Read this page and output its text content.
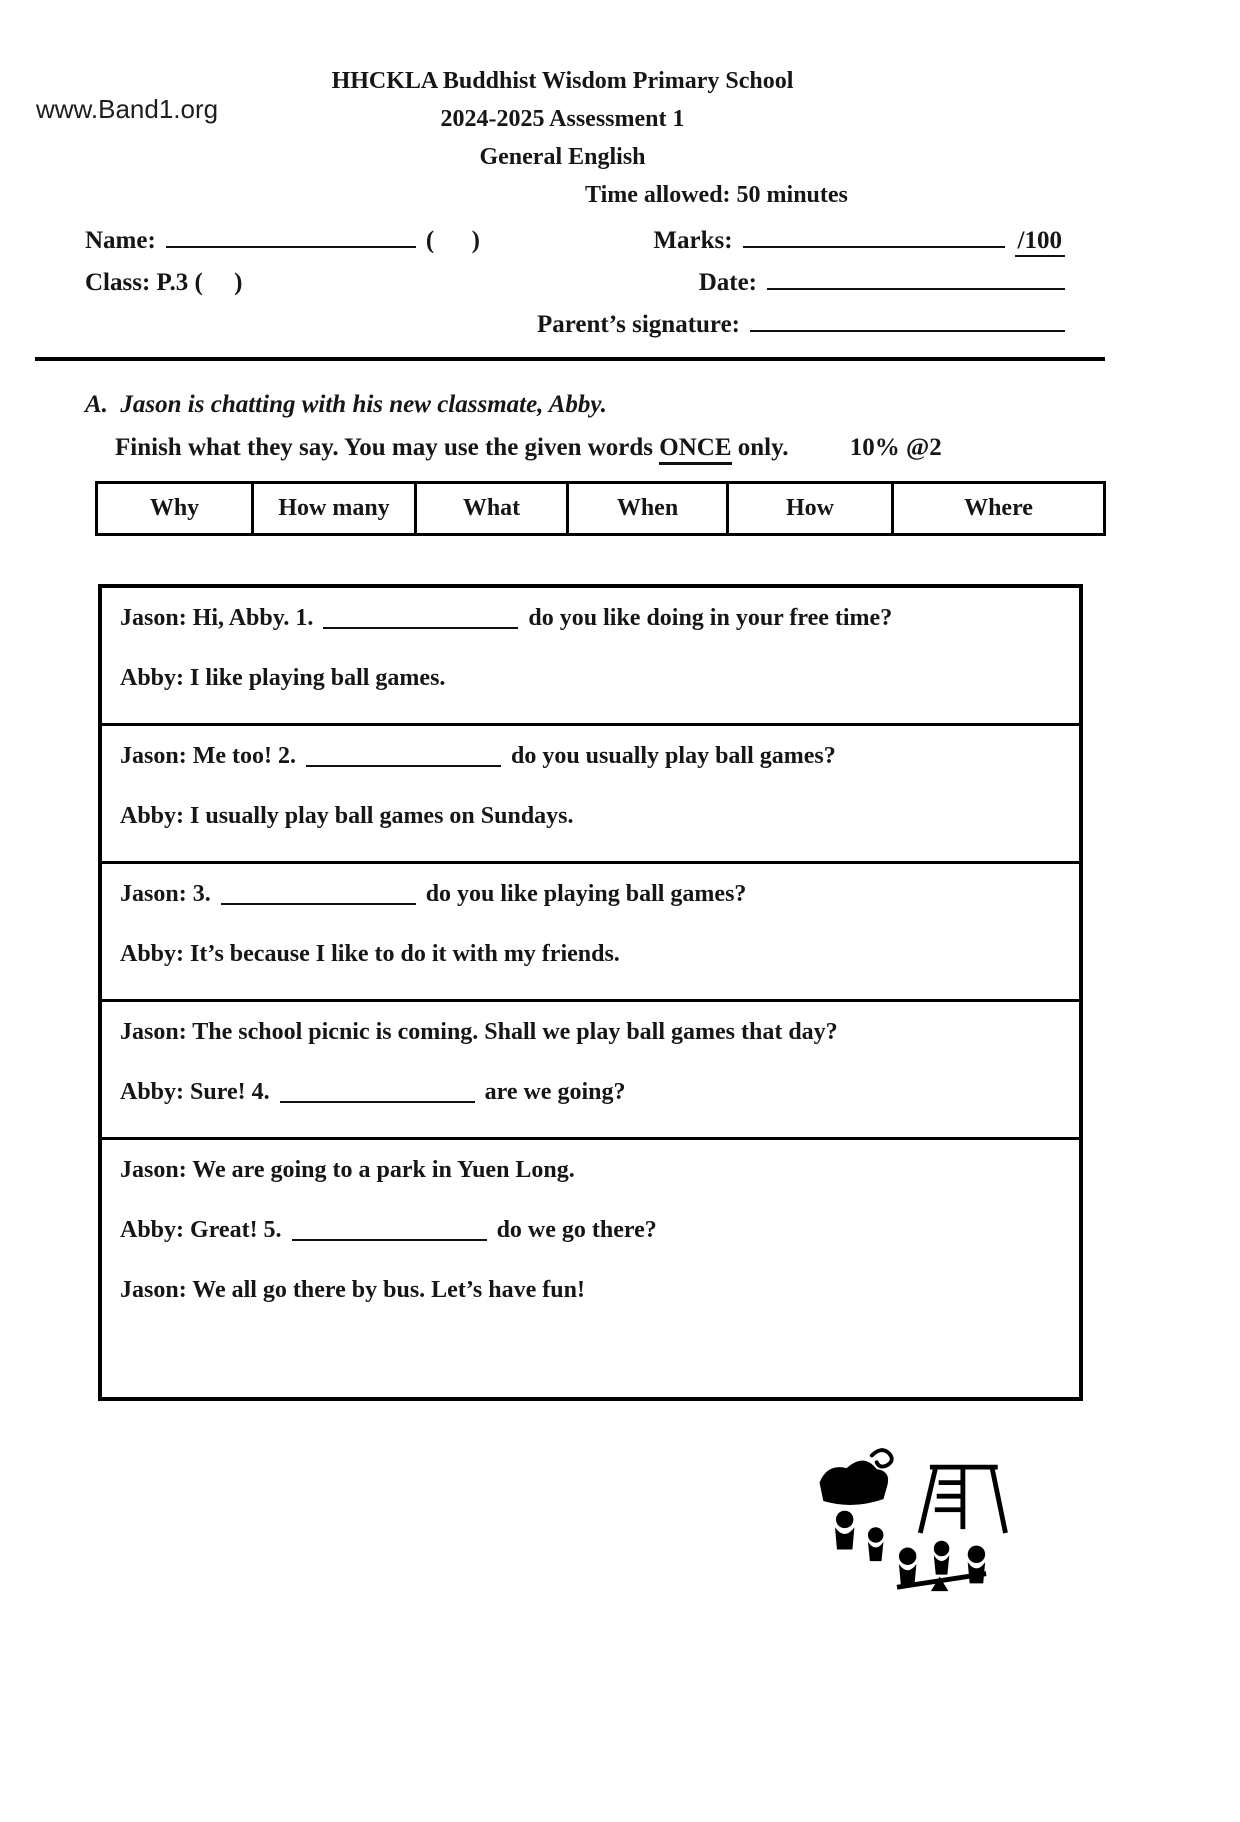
www.Band1.org
HHCKLA Buddhist Wisdom Primary School
2024-2025 Assessment 1
General English
Time allowed: 50 minutes
Name:	(      )	Marks:	/100
Class: P.3 (     )	Date:
Parent’s signature:
A.  Jason is chatting with his new classmate, Abby.
Finish what they say. You may use the given words ONCE only. 10% @2
Why	How many	What	When	How	Where

Jason: Hi, Abby. 1.	do you like doing in your free time?

Abby: I like playing ball games.

Jason: Me too! 2.	do you usually play ball games?

Abby: I usually play ball games on Sundays.

Jason: 3.	do you like playing ball games?

Abby: It’s because I like to do it with my friends.

Jason: The school picnic is coming. Shall we play ball games that day?

Abby: Sure! 4.	are we going?

Jason: We are going to a park in Yuen Long.

Abby: Great! 5.	do we go there?

Jason: We all go there by bus. Let’s have fun!
